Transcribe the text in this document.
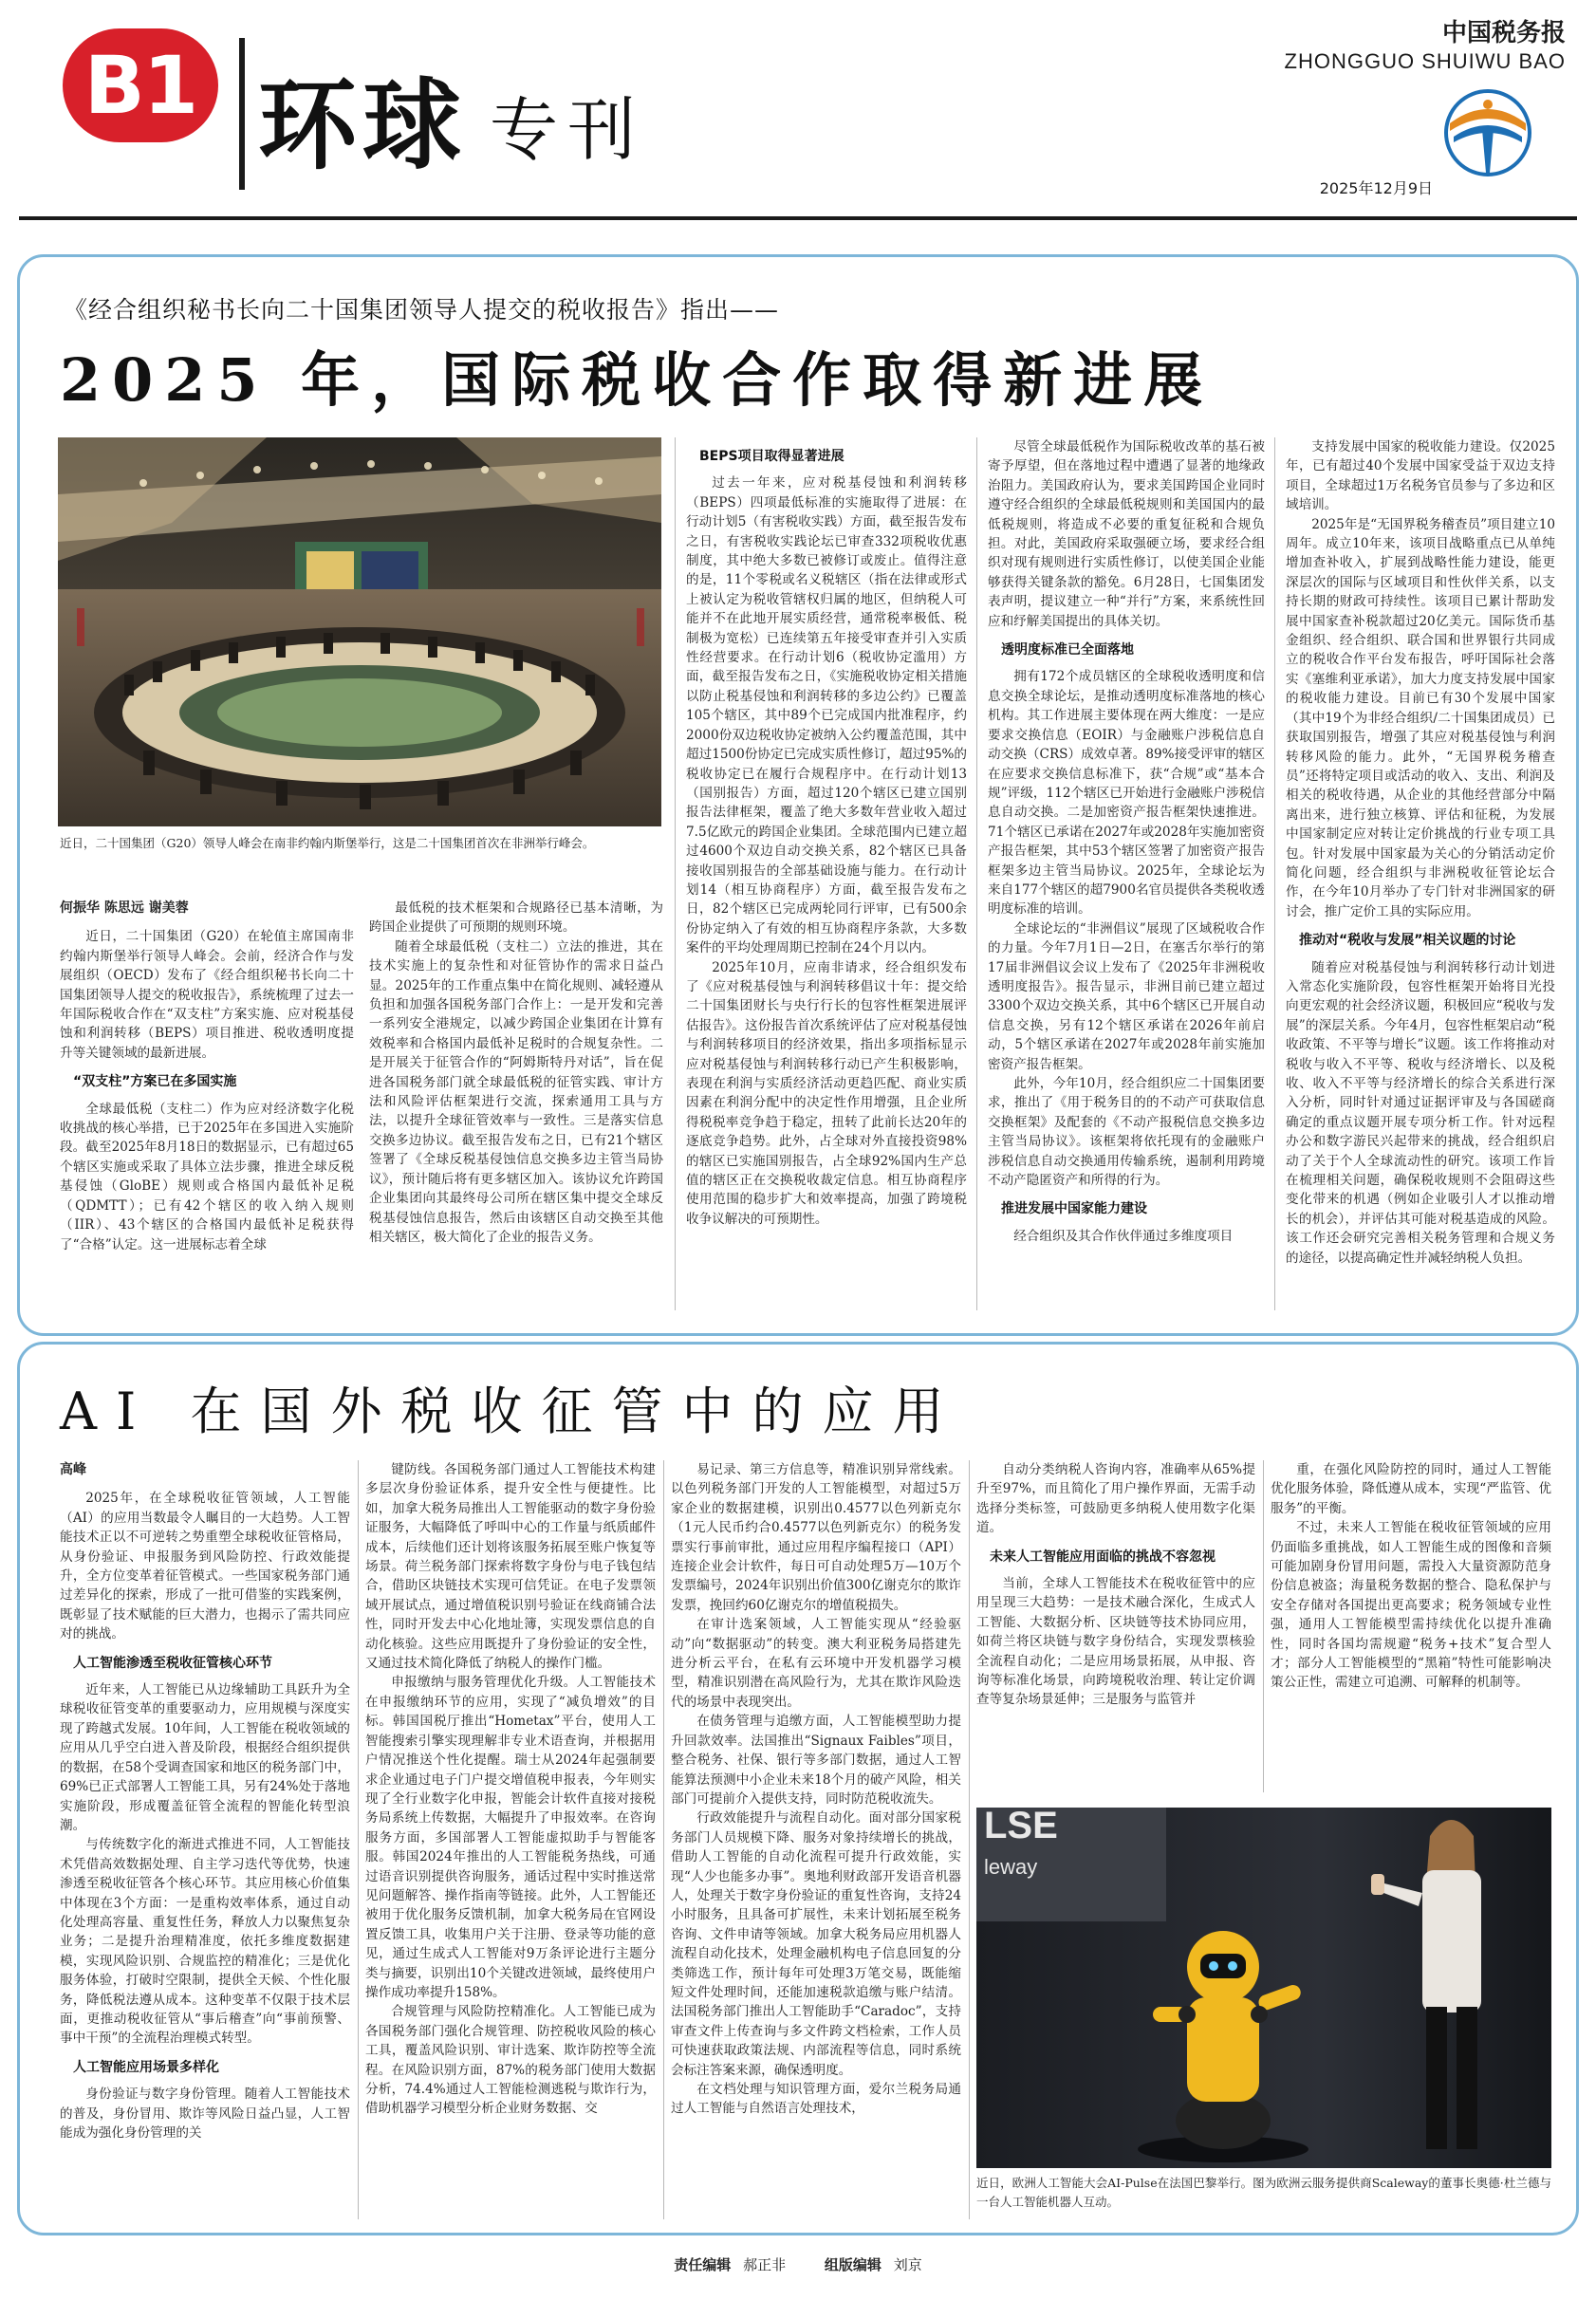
B1 环球 专刊
中国税务报
ZHONGGUO SHUIWU BAO
2025年12月9日
《经合组织秘书长向二十国集团领导人提交的税收报告》指出——
2025 年，国际税收合作取得新进展
近日，二十国集团（G20）领导人峰会在南非约翰内斯堡举行，这是二十国集团首次在非洲举行峰会。
何振华 陈思远 谢美蓉

近日，二十国集团（G20）在轮值主席国南非约翰内斯堡举行领导人峰会。会前，经济合作与发展组织（OECD）发布了《经合组织秘书长向二十国集团领导人提交的税收报告》，系统梳理了过去一年国际税收合作在“双支柱”方案实施、应对税基侵蚀和利润转移（BEPS）项目推进、税收透明度提升等关键领域的最新进展。

“双支柱”方案已在多国实施

全球最低税（支柱二）作为应对经济数字化税收挑战的核心举措，已于2025年在多国进入实施阶段。截至2025年8月18日的数据显示，已有超过65个辖区实施或采取了具体立法步骤，推进全球反税基侵蚀（GloBE）规则或合格国内最低补足税（QDMTT）；已有42个辖区的收入纳入规则（IIR）、43个辖区的合格国内最低补足税获得了“合格”认定。这一进展标志着全球

最低税的技术框架和合规路径已基本清晰，为跨国企业提供了可预期的规则环境。

随着全球最低税（支柱二）立法的推进，其在技术实施上的复杂性和对征管协作的需求日益凸显。2025年的工作重点集中在简化规则、减轻遵从负担和加强各国税务部门合作上：一是开发和完善一系列安全港规定，以减少跨国企业集团在计算有效税率和合格国内最低补足税时的合规复杂性。二是开展关于征管合作的“阿姆斯特丹对话”，旨在促进各国税务部门就全球最低税的征管实践、审计方法和风险评估框架进行交流，探索通用工具与方法，以提升全球征管效率与一致性。三是落实信息交换多边协议。截至报告发布之日，已有21个辖区签署了《全球反税基侵蚀信息交换多边主管当局协议》，预计随后将有更多辖区加入。该协议允许跨国企业集团向其最终母公司所在辖区集中提交全球反税基侵蚀信息报告，然后由该辖区自动交换至其他相关辖区，极大简化了企业的报告义务。

BEPS项目取得显著进展

过去一年来，应对税基侵蚀和利润转移（BEPS）四项最低标准的实施取得了进展：在行动计划5（有害税收实践）方面，截至报告发布之日，有害税收实践论坛已审查332项税收优惠制度，其中绝大多数已被修订或废止。值得注意的是，11个零税或名义税辖区（指在法律或形式上被认定为税收管辖权归属的地区，但纳税人可能并不在此地开展实质经营，通常税率极低、税制极为宽松）已连续第五年接受审查并引入实质性经营要求。在行动计划6（税收协定滥用）方面，截至报告发布之日，《实施税收协定相关措施以防止税基侵蚀和利润转移的多边公约》已覆盖105个辖区，其中89个已完成国内批准程序，约2000份双边税收协定被纳入公约覆盖范围，其中超过1500份协定已完成实质性修订，超过95%的税收协定已在履行合规程序中。在行动计划13（国别报告）方面，超过120个辖区已建立国别报告法律框架，覆盖了绝大多数年营业收入超过7.5亿欧元的跨国企业集团。全球范围内已建立超过4600个双边自动交换关系，82个辖区已具备接收国别报告的全部基础设施与能力。在行动计划14（相互协商程序）方面，截至报告发布之日，82个辖区已完成两轮同行评审，已有500余份协定纳入了有效的相互协商程序条款，大多数案件的平均处理周期已控制在24个月以内。

2025年10月，应南非请求，经合组织发布了《应对税基侵蚀与利润转移倡议十年：提交给二十国集团财长与央行行长的包容性框架进展评估报告》。这份报告首次系统评估了应对税基侵蚀与利润转移项目的经济效果，指出多项指标显示应对税基侵蚀与利润转移行动已产生积极影响，表现在利润与实质经济活动更趋匹配、商业实质因素在利润分配中的决定性作用增强，且企业所得税税率竞争趋于稳定，扭转了此前长达20年的逐底竞争趋势。此外，占全球对外直接投资98%的辖区已实施国别报告，占全球92%国内生产总值的辖区正在交换税收裁定信息。相互协商程序使用范围的稳步扩大和效率提高，加强了跨境税收争议解决的可预期性。

尽管全球最低税作为国际税收改革的基石被寄予厚望，但在落地过程中遭遇了显著的地缘政治阻力。美国政府认为，要求美国跨国企业同时遵守经合组织的全球最低税规则和美国国内的最低税规则，将造成不必要的重复征税和合规负担。对此，美国政府采取强硬立场，要求经合组织对现有规则进行实质性修订，以使美国企业能够获得关键条款的豁免。6月28日，七国集团发表声明，提议建立一种“并行”方案，来系统性回应和纾解美国提出的具体关切。

透明度标准已全面落地

拥有172个成员辖区的全球税收透明度和信息交换全球论坛，是推动透明度标准落地的核心机构。其工作进展主要体现在两大维度：一是应要求交换信息（EOIR）与金融账户涉税信息自动交换（CRS）成效卓著。89%接受评审的辖区在应要求交换信息标准下，获“合规”或“基本合规”评级，112个辖区已开始进行金融账户涉税信息自动交换。二是加密资产报告框架快速推进。71个辖区已承诺在2027年或2028年实施加密资产报告框架，其中53个辖区签署了加密资产报告框架多边主管当局协议。2025年，全球论坛为来自177个辖区的超7900名官员提供各类税收透明度标准的培训。

全球论坛的“非洲倡议”展现了区域税收合作的力量。今年7月1日—2日，在塞舌尔举行的第17届非洲倡议会议上发布了《2025年非洲税收透明度报告》。报告显示，非洲目前已建立超过3300个双边交换关系，其中6个辖区已开展自动信息交换，另有12个辖区承诺在2026年前启动，5个辖区承诺在2027年或2028年前实施加密资产报告框架。

此外，今年10月，经合组织应二十国集团要求，推出了《用于税务目的的不动产可获取信息交换框架》及配套的《不动产报税信息交换多边主管当局协议》。该框架将依托现有的金融账户涉税信息自动交换通用传输系统，遏制利用跨境不动产隐匿资产和所得的行为。

推进发展中国家能力建设

经合组织及其合作伙伴通过多维度项目

支持发展中国家的税收能力建设。仅2025年，已有超过40个发展中国家受益于双边支持项目，全球超过1万名税务官员参与了多边和区域培训。

2025年是“无国界税务稽查员”项目建立10周年。成立10年来，该项目战略重点已从单纯增加查补收入，扩展到战略性能力建设，能更深层次的国际与区域项目和性伙伴关系，以支持长期的财政可持续性。该项目已累计帮助发展中国家查补税款超过20亿美元。国际货币基金组织、经合组织、联合国和世界银行共同成立的税收合作平台发布报告，呼吁国际社会落实《塞维利亚承诺》，加大力度支持发展中国家的税收能力建设。目前已有30个发展中国家（其中19个为非经合组织/二十国集团成员）已获取国别报告，增强了其应对税基侵蚀与利润转移风险的能力。此外，“无国界税务稽查员”还将特定项目或活动的收入、支出、利润及相关的税收待遇，从企业的其他经营部分中隔离出来，进行独立核算、评估和征税，为发展中国家制定应对转让定价挑战的行业专项工具包。针对发展中国家最为关心的分销活动定价简化问题，经合组织与非洲税收征管论坛合作，在今年10月举办了专门针对非洲国家的研讨会，推广定价工具的实际应用。

推动对“税收与发展”相关议题的讨论

随着应对税基侵蚀与利润转移行动计划进入常态化实施阶段，包容性框架开始将目光投向更宏观的社会经济议题，积极回应“税收与发展”的深层关系。今年4月，包容性框架启动“税收政策、不平等与增长”议题。该工作将推动对税收与收入不平等、税收与经济增长、以及税收、收入不平等与经济增长的综合关系进行深入分析，同时针对通过证据评审及与各国磋商确定的重点议题开展专项分析工作。针对远程办公和数字游民兴起带来的挑战，经合组织启动了关于个人全球流动性的研究。该项工作旨在梳理相关问题，确保税收规则不会阻碍这些变化带来的机遇（例如企业吸引人才以推动增长的机会），并评估其可能对税基造成的风险。该工作还会研究完善相关税务管理和合规义务的途径，以提高确定性并减轻纳税人负担。

AI 在国外税收征管中的应用
高峰

2025年，在全球税收征管领域，人工智能（AI）的应用当数最令人瞩目的一大趋势。人工智能技术正以不可逆转之势重塑全球税收征管格局，从身份验证、申报服务到风险防控、行政效能提升，全方位变革着征管模式。一些国家税务部门通过差异化的探索，形成了一批可借鉴的实践案例，既彰显了技术赋能的巨大潜力，也揭示了需共同应对的挑战。

人工智能渗透至税收征管核心环节

近年来，人工智能已从边缘辅助工具跃升为全球税收征管变革的重要驱动力，应用规模与深度实现了跨越式发展。10年间，人工智能在税收领域的应用从几乎空白进入普及阶段，根据经合组织提供的数据，在58个受调查国家和地区的税务部门中，69%已正式部署人工智能工具，另有24%处于落地实施阶段，形成覆盖征管全流程的智能化转型浪潮。

与传统数字化的渐进式推进不同，人工智能技术凭借高效数据处理、自主学习迭代等优势，快速渗透至税收征管各个核心环节。其应用核心价值集中体现在3个方面：一是重构效率体系，通过自动化处理高容量、重复性任务，释放人力以聚焦复杂业务；二是提升治理精准度，依托多维度数据建模，实现风险识别、合规监控的精准化；三是优化服务体验，打破时空限制，提供全天候、个性化服务，降低税法遵从成本。这种变革不仅限于技术层面，更推动税收征管从“事后稽查”向“事前预警、事中干预”的全流程治理模式转型。

人工智能应用场景多样化

身份验证与数字身份管理。随着人工智能技术的普及，身份冒用、欺诈等风险日益凸显，人工智能成为强化身份管理的关

键防线。各国税务部门通过人工智能技术构建多层次身份验证体系，提升安全性与便捷性。比如，加拿大税务局推出人工智能驱动的数字身份验证服务，大幅降低了呼叫中心的工作量与纸质邮件成本，后续他们还计划将该服务拓展至账户恢复等场景。荷兰税务部门探索将数字身份与电子钱包结合，借助区块链技术实现可信凭证。在电子发票领域开展试点，通过增值税识别号验证在线商铺合法性，同时开发去中心化地址簿，实现发票信息的自动化核验。这些应用既提升了身份验证的安全性，又通过技术简化降低了纳税人的操作门槛。

申报缴纳与服务管理优化升级。人工智能技术在申报缴纳环节的应用，实现了“减负增效”的目标。韩国国税厅推出“Hometax”平台，使用人工智能搜索引擎实现理解非专业术语查询，并根据用户情况推送个性化提醒。瑞士从2024年起强制要求企业通过电子门户提交增值税申报表，今年则实现了全行业数字化申报，智能会计软件直接对接税务局系统上传数据，大幅提升了申报效率。在咨询服务方面，多国部署人工智能虚拟助手与智能客服。韩国2024年推出的人工智能税务热线，可通过语音识别提供咨询服务，通话过程中实时推送常见问题解答、操作指南等链接。此外，人工智能还被用于优化服务反馈机制，加拿大税务局在官网设置反馈工具，收集用户关于注册、登录等功能的意见，通过生成式人工智能对9万条评论进行主题分类与摘要，识别出10个关键改进领域，最终使用户操作成功率提升158%。

合规管理与风险防控精准化。人工智能已成为各国税务部门强化合规管理、防控税收风险的核心工具，覆盖风险识别、审计选案、欺诈防控等全流程。在风险识别方面，87%的税务部门使用大数据分析，74.4%通过人工智能检测逃税与欺诈行为，借助机器学习模型分析企业财务数据、交

易记录、第三方信息等，精准识别异常线索。以色列税务部门开发的人工智能模型，对超过5万家企业的数据建模，识别出0.4577以色列新克尔（1元人民币约合0.4577以色列新克尔）的税务发票实行事前审批，通过应用程序编程接口（API）连接企业会计软件，每日可自动处理5万—10万个发票编号，2024年识别出价值300亿谢克尔的欺诈发票，挽回约60亿谢克尔的增值税损失。

在审计选案领域，人工智能实现从“经验驱动”向“数据驱动”的转变。澳大利亚税务局搭建先进分析云平台，在私有云环境中开发机器学习模型，精准识别潜在高风险行为，尤其在欺诈风险迭代的场景中表现突出。

在债务管理与追缴方面，人工智能模型助力提升回款效率。法国推出“Signaux Faibles”项目，整合税务、社保、银行等多部门数据，通过人工智能算法预测中小企业未来18个月的破产风险，相关部门可提前介入提供支持，同时防范税收流失。

行政效能提升与流程自动化。面对部分国家税务部门人员规模下降、服务对象持续增长的挑战，借助人工智能的自动化流程可提升行政效能，实现“人少也能多办事”。奥地利财政部开发语音机器人，处理关于数字身份验证的重复性咨询，支持24小时服务，且具备可扩展性，未来计划拓展至税务咨询、文件申请等领域。加拿大税务局应用机器人流程自动化技术，处理金融机构电子信息回复的分类筛选工作，预计每年可处理3万笔交易，既能缩短文件处理时间，还能加速税款追缴与账户结清。法国税务部门推出人工智能助手“Caradoc”，支持审查文件上传查询与多文件跨文档检索，工作人员可快速获取政策法规、内部流程等信息，同时系统会标注答案来源，确保透明度。

在文档处理与知识管理方面，爱尔兰税务局通过人工智能与自然语言处理技术，

自动分类纳税人咨询内容，准确率从65%提升至97%，而且简化了用户操作界面，无需手动选择分类标签，可鼓励更多纳税人使用数字化渠道。

未来人工智能应用面临的挑战不容忽视

当前，全球人工智能技术在税收征管中的应用呈现三大趋势：一是技术融合深化，生成式人工智能、大数据分析、区块链等技术协同应用，如荷兰将区块链与数字身份结合，实现发票核验全流程自动化；二是应用场景拓展，从申报、咨询等标准化场景，向跨境税收治理、转让定价调查等复杂场景延伸；三是服务与监管并

重，在强化风险防控的同时，通过人工智能优化服务体验，降低遵从成本，实现“严监管、优服务”的平衡。

不过，未来人工智能在税收征管领域的应用仍面临多重挑战，如人工智能生成的图像和音频可能加剧身份冒用问题，需投入大量资源防范身份信息被盗；海量税务数据的整合、隐私保护与安全存储对各国提出更高要求；税务领域专业性强，通用人工智能模型需持续优化以提升准确性，同时各国均需规避“税务+技术”复合型人才；部分人工智能模型的“黑箱”特性可能影响决策公正性，需建立可追溯、可解释的机制等。

LSE
leway
近日，欧洲人工智能大会AI-Pulse在法国巴黎举行。图为欧洲云服务提供商Scaleway的董事长奥德·杜兰德与一台人工智能机器人互动。
责任编辑 郝正非	组版编辑 刘京
